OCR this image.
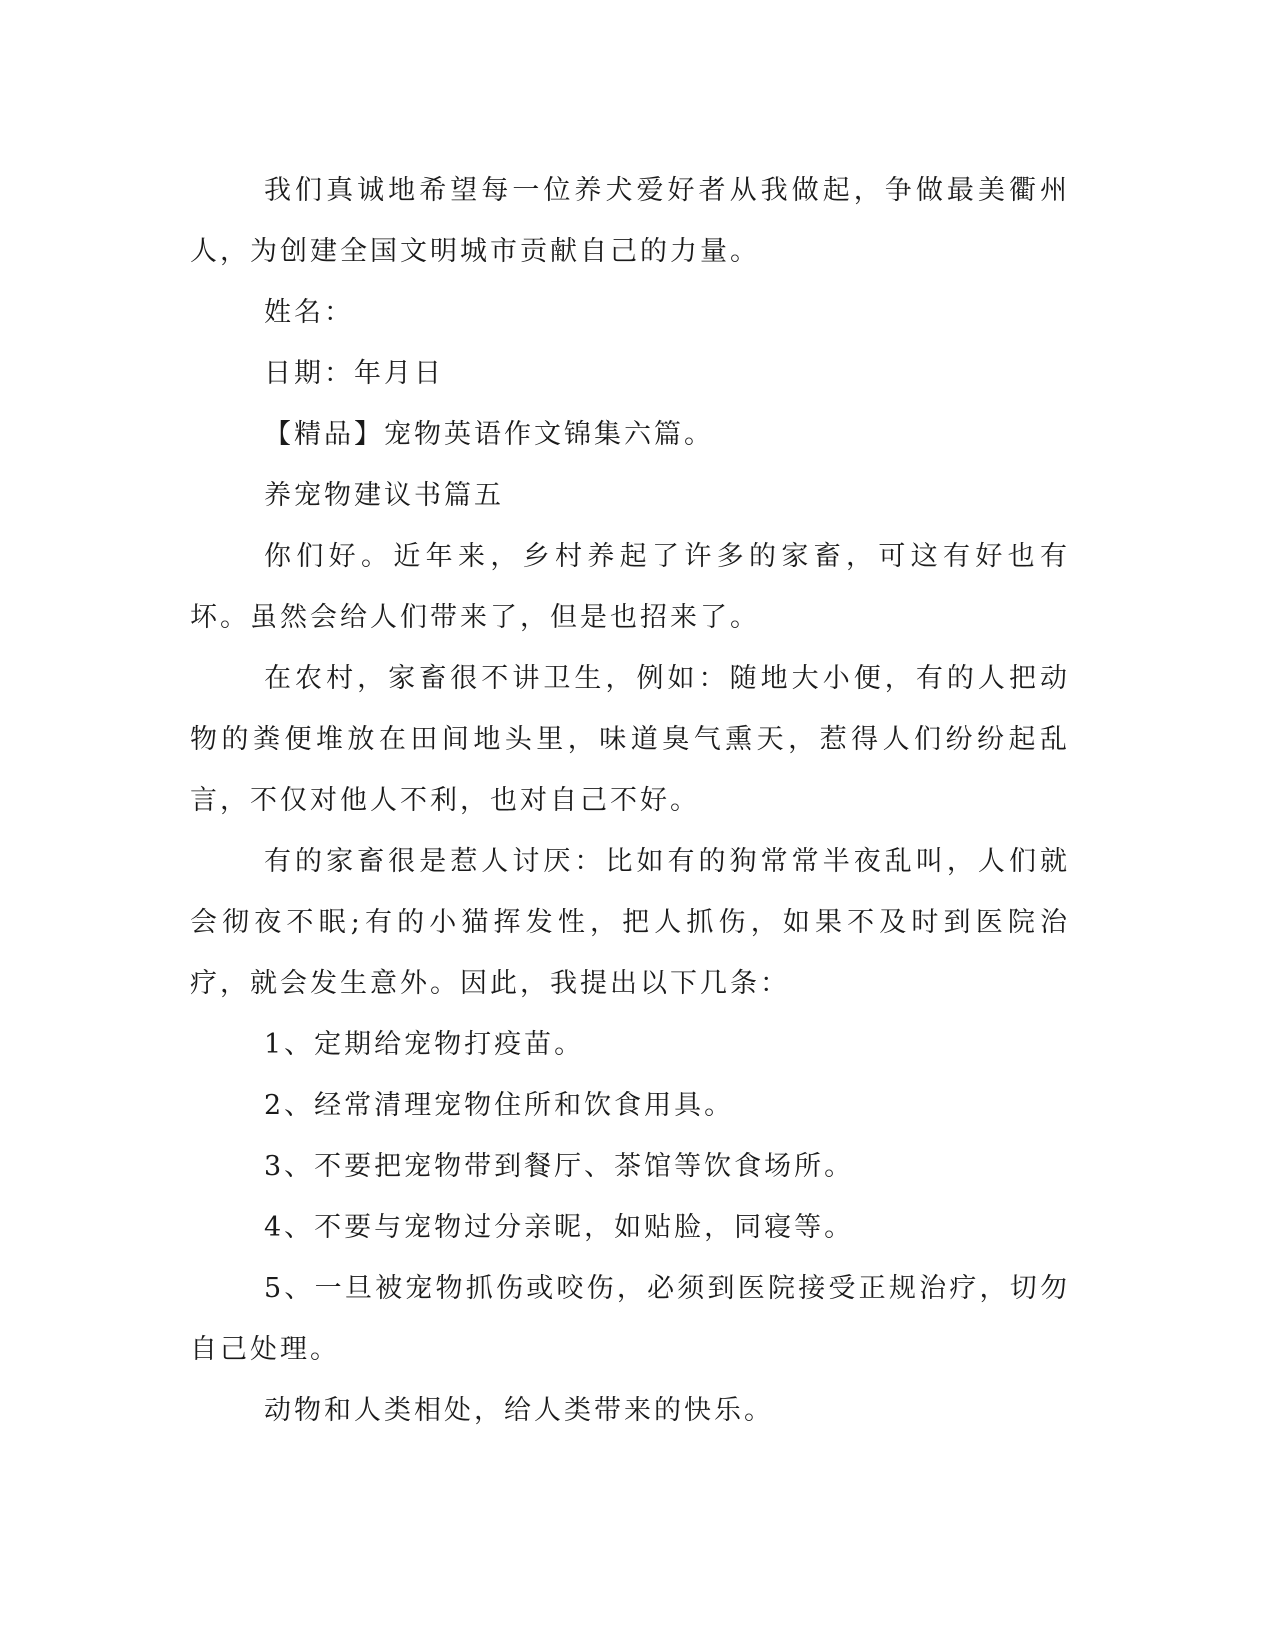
我们真诚地希望每一位养犬爱好者从我做起，争做最美衢州人，为创建全国文明城市贡献自己的力量。

姓名：

日期：年月日

【精品】宠物英语作文锦集六篇。

养宠物建议书篇五

你们好。近年来，乡村养起了许多的家畜，可这有好也有坏。虽然会给人们带来了，但是也招来了。

在农村，家畜很不讲卫生，例如：随地大小便，有的人把动物的粪便堆放在田间地头里，味道臭气熏天，惹得人们纷纷起乱言，不仅对他人不利，也对自己不好。

有的家畜很是惹人讨厌：比如有的狗常常半夜乱叫，人们就会彻夜不眠;有的小猫挥发性，把人抓伤，如果不及时到医院治疗，就会发生意外。因此，我提出以下几条：

1、定期给宠物打疫苗。

2、经常清理宠物住所和饮食用具。

3、不要把宠物带到餐厅、茶馆等饮食场所。

4、不要与宠物过分亲昵，如贴脸，同寝等。

5、一旦被宠物抓伤或咬伤，必须到医院接受正规治疗，切勿自己处理。

动物和人类相处，给人类带来的快乐。
